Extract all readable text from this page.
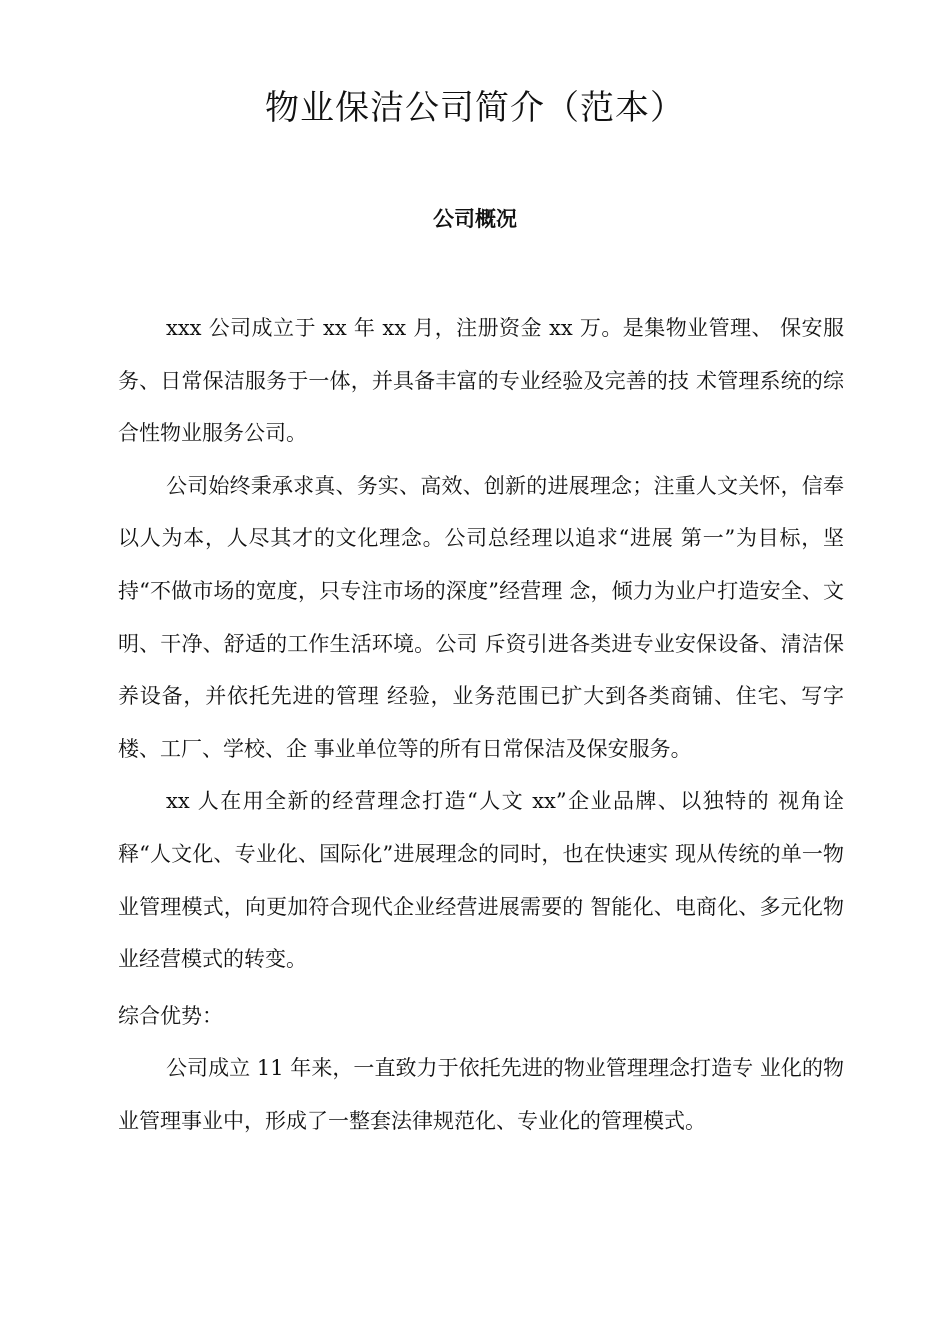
物业保洁公司简介（范本）
公司概况

xxx 公司成立于 xx 年 xx 月，注册资金 xx 万。是集物业管理、 保安服务、日常保洁服务于一体，并具备丰富的专业经验及完善的技 术管理系统的综合性物业服务公司。

公司始终秉承求真、务实、高效、创新的进展理念；注重人文关怀，信奉以人为本，人尽其才的文化理念。公司总经理以追求“进展 第一”为目标，坚持“不做市场的宽度，只专注市场的深度”经营理 念，倾力为业户打造安全、文明、干净、舒适的工作生活环境。公司 斥资引进各类进专业安保设备、清洁保养设备，并依托先进的管理 经验，业务范围已扩大到各类商铺、住宅、写字楼、工厂、学校、企 事业单位等的所有日常保洁及保安服务。

xx 人在用全新的经营理念打造“人文 xx”企业品牌、以独特的 视角诠释“人文化、专业化、国际化”进展理念的同时，也在快速实 现从传统的单一物业管理模式，向更加符合现代企业经营进展需要的 智能化、电商化、多元化物业经营模式的转变。

综合优势：

公司成立 11 年来，一直致力于依托先进的物业管理理念打造专 业化的物业管理事业中，形成了一整套法律规范化、专业化的管理模式。
